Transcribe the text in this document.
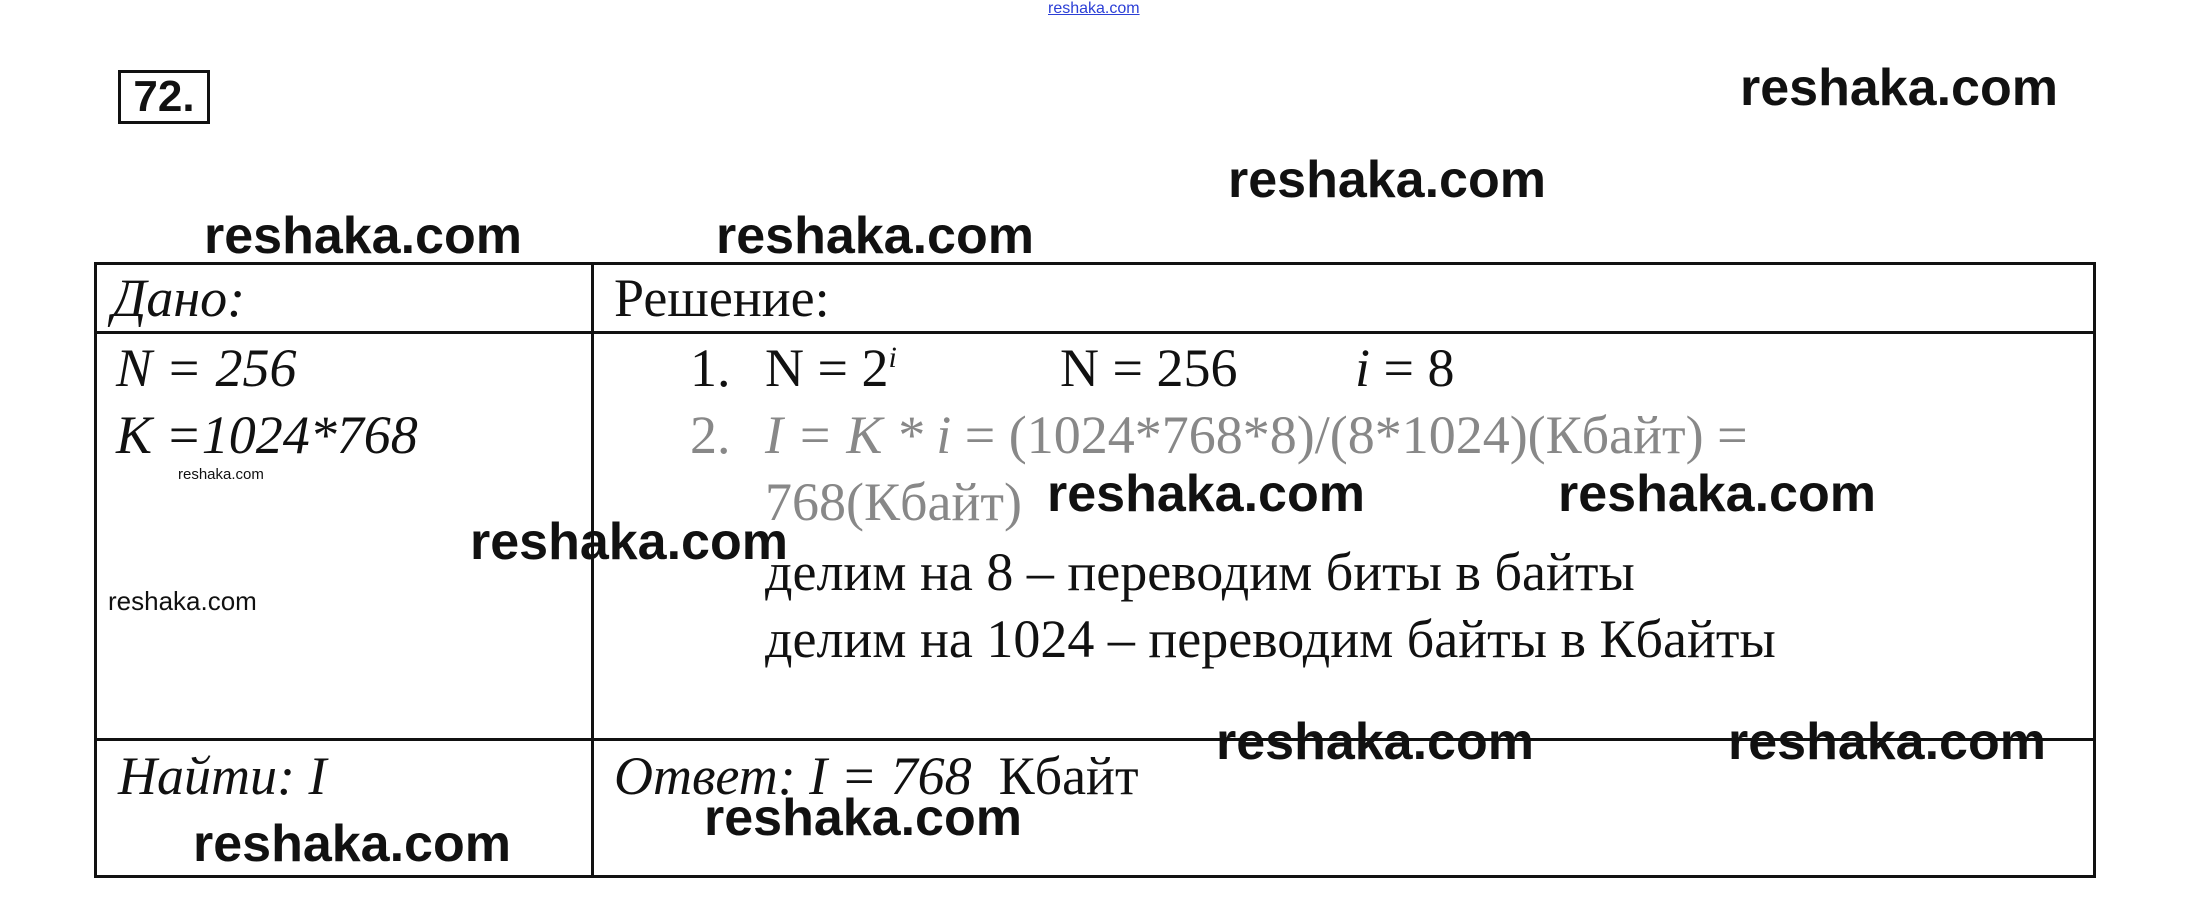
reshaka.com
72.
Дано:	Решение:
N = 256
К =1024*768
1. $N = 2^i$	N = 256 i = 8
2. I = К * i = (1024*768*8)/(8*1024)(Кбайт) =
768(Кбайт)
делим на 8 – переводим биты в байты
делим на 1024 – переводим байты в Кбайты
Найти: I	Ответ: I = 768 Кбайт
reshaka.com
reshaka.com
reshaka.com	reshaka.com
reshaka.com	reshaka.com
reshaka.com
reshaka.com	reshaka.com
reshaka.com
reshaka.com
reshaka.com
reshaka.com
